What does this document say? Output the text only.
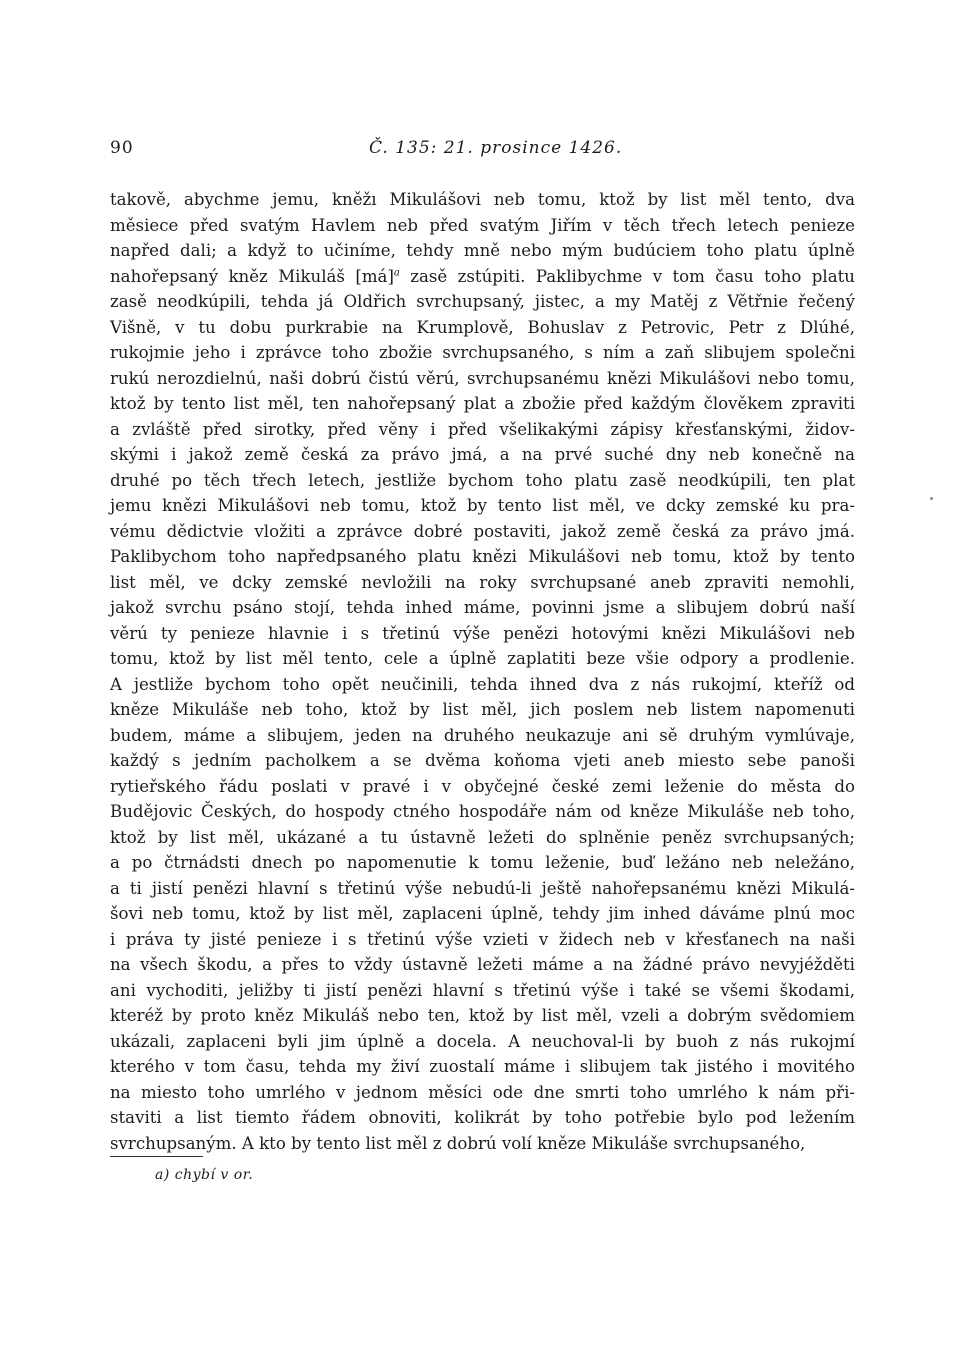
90	Č. 135: 21. prosince 1426.
takově, abychme jemu, kněžı Mikulášovi neb tomu, ktož by list měl tento, dva
měsiece před svatým Havlem neb před svatým Jiřím v těch třech letech penieze
napřed dali; a když to učiníme, tehdy mně nebo mým budúciem toho platu úplně
nahořepsaný kněz Mikuláš [má]$^a$ zasě zstúpiti. Paklibychme v tom času toho platu
zasě neodkúpili, tehda já Oldřich svrchupsaný, jistec, a my Matěj z Větřnie řečený
Višně, v tu dobu purkrabie na Krumplově, Bohuslav z Petrovic, Petr z Dlúhé,
rukojmie jeho i zprávce toho zbožie svrchupsaného, s ním a zaň slibujem společni
rukú nerozdielnú, naši dobrú čistú věrú, svrchupsanému knězi Mikulášovi nebo tomu,
ktož by tento list měl, ten nahořepsaný plat a zbožie před každým člověkem zpraviti
a zvláště před sirotky, před věny i před všelikakými zápisy křesťanskými, židov-
skými i jakož země česká za právo jmá, a na prvé suché dny neb konečně na
druhé po těch třech letech, jestliže bychom toho platu zasě neodkúpili, ten plat
jemu knězi Mikulášovi neb tomu, ktož by tento list měl, ve dcky zemské ku pra-
vému dědictvie vložiti a zprávce dobré postaviti, jakož země česká za právo jmá.
Paklibychom toho napředpsaného platu knězi Mikulášovi neb tomu, ktož by tento
list měl, ve dcky zemské nevložili na roky svrchupsané aneb zpraviti nemohli,
jakož svrchu psáno stojí, tehda inhed máme, povinni jsme a slibujem dobrú naší
věrú ty penieze hlavnie i s třetinú výše penězi hotovými knězi Mikulášovi neb
tomu, ktož by list měl tento, cele a úplně zaplatiti beze všie odpory a prodlenie.
A jestliže bychom toho opět neučinili, tehda ihned dva z nás rukojmí, kteříž od
kněze Mikuláše neb toho, ktož by list měl, jich poslem neb listem napomenuti
budem, máme a slibujem, jeden na druhého neukazuje ani sě druhým vymlúvaje,
každý s jedním pacholkem a se dvěma koňoma vjeti aneb miesto sebe panoši
rytieřského řádu poslati v pravé i v obyčejné české zemi leženie do města do
Budějovic Českých, do hospody ctného hospodáře nám od kněze Mikuláše neb toho,
ktož by list měl, ukázané a tu ústavně ležeti do splněnie peněz svrchupsaných;
a po čtrnádsti dnech po napomenutie k tomu leženie, buď ležáno neb neležáno,
a ti jistí penězi hlavní s třetinú výše nebudú-li ještě nahořepsanému knězi Mikulá-
šovi neb tomu, ktož by list měl, zaplaceni úplně, tehdy jim inhed dáváme plnú moc
i práva ty jisté penieze i s třetinú výše vzieti v židech neb v křesťanech na naši
na všech škodu, a přes to vždy ústavně ležeti máme a na žádné právo nevyjéžděti
ani vychoditi, jeližby ti jistí penězi hlavní s třetinú výše i také se všemi škodami,
kteréž by proto kněz Mikuláš nebo ten, ktož by list měl, vzeli a dobrým svědomiem
ukázali, zaplaceni byli jim úplně a docela. A neuchoval-li by buoh z nás rukojmí
kterého v tom času, tehda my živí zuostalí máme i slibujem tak jistého i movitého
na miesto toho umrlého v jednom měsíci ode dne smrti toho umrlého k nám při-
staviti a list tiemto řádem obnoviti, kolikrát by toho potřebie bylo pod ležením
svrchupsaným. A kto by tento list měl z dobrú volí kněze Mikuláše svrchupsaného,
a) chybí v or.
